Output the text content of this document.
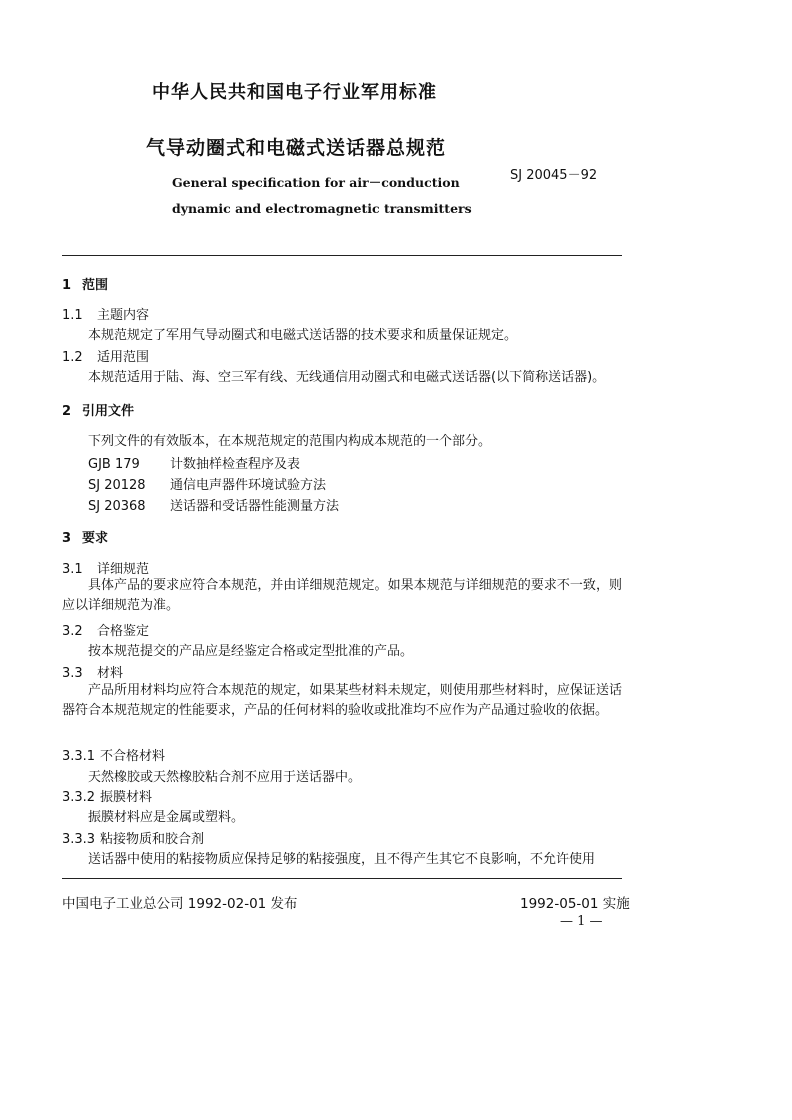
中华人民共和国电子行业军用标准
气导动圈式和电磁式送话器总规范
General specification for air－conduction
dynamic and electromagnetic transmitters
SJ 20045－92
1 范围
1.1 主题内容
本规范规定了军用气导动圈式和电磁式送话器的技术要求和质量保证规定。
1.2 适用范围
本规范适用于陆、海、空三军有线、无线通信用动圈式和电磁式送话器(以下简称送话器)。
2 引用文件
下列文件的有效版本，在本规范规定的范围内构成本规范的一个部分。
GJB 179 计数抽样检查程序及表
SJ 20128 通信电声器件环境试验方法
SJ 20368 送话器和受话器性能测量方法
3 要求
3.1 详细规范
具体产品的要求应符合本规范，并由详细规范规定。如果本规范与详细规范的要求不一致，则应以详细规范为准。
3.2 合格鉴定
按本规范提交的产品应是经鉴定合格或定型批准的产品。
3.3 材料
产品所用材料均应符合本规范的规定，如果某些材料未规定，则使用那些材料时，应保证送话器符合本规范规定的性能要求，产品的任何材料的验收或批准均不应作为产品通过验收的依据。
3.3.1 不合格材料
天然橡胶或天然橡胶粘合剂不应用于送话器中。
3.3.2 振膜材料
振膜材料应是金属或塑料。
3.3.3 粘接物质和胶合剂
送话器中使用的粘接物质应保持足够的粘接强度，且不得产生其它不良影响，不允许使用
中国电子工业总公司 1992-02-01 发布	1992-05-01 实施
— 1 —
